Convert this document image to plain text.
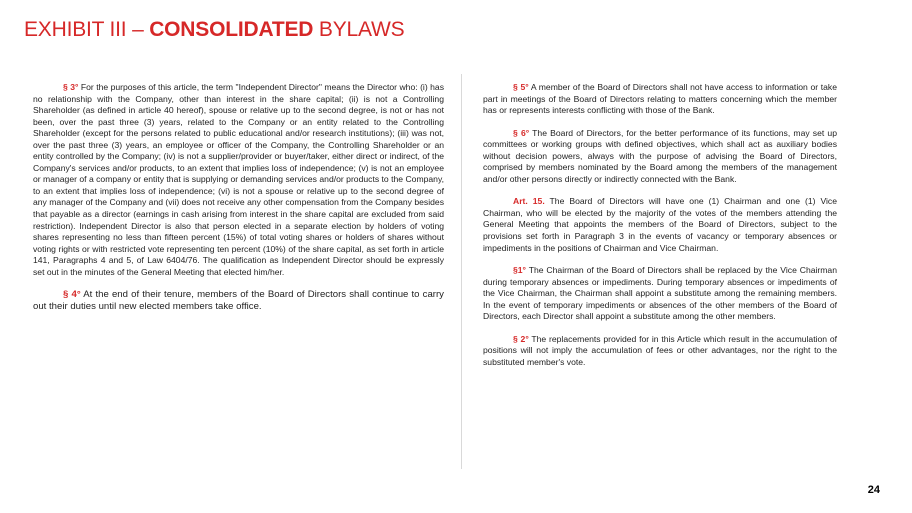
EXHIBIT III – CONSOLIDATED BYLAWS

§ 3° For the purposes of this article, the term "Independent Director" means the Director who: (i) has no relationship with the Company, other than interest in the share capital; (ii) is not a Controlling Shareholder (as defined in article 40 hereof), spouse or relative up to the second degree, is not or has not been, over the past three (3) years, related to the Company or an entity related to the Controlling Shareholder (except for the persons related to public educational and/or research institutions); (iii) was not, over the past three (3) years, an employee or officer of the Company, the Controlling Shareholder or an entity controlled by the Company; (iv) is not a supplier/provider or buyer/taker, either direct or indirect, of the Company's services and/or products, to an extent that implies loss of independence; (v) is not an employee or manager of a company or entity that is supplying or demanding services and/or products to the Company, to an extent that implies loss of independence; (vi) is not a spouse or relative up to the second degree of any manager of the Company and (vii) does not receive any other compensation from the Company besides that payable as a director (earnings in cash arising from interest in the share capital are excluded from said restriction). Independent Director is also that person elected in a separate election by holders of voting shares representing no less than fifteen percent (15%) of total voting shares or holders of shares without voting rights or with restricted vote representing ten percent (10%) of the share capital, as set forth in article 141, Paragraphs 4 and 5, of Law 6404/76. The qualification as Independent Director should be expressly set out in the minutes of the General Meeting that elected him/her.

§ 4° At the end of their tenure, members of the Board of Directors shall continue to carry out their duties until new elected members take office.

§ 5° A member of the Board of Directors shall not have access to information or take part in meetings of the Board of Directors relating to matters concerning which the member has or represents interests conflicting with those of the Bank.

§ 6° The Board of Directors, for the better performance of its functions, may set up committees or working groups with defined objectives, which shall act as auxiliary bodies without decision powers, always with the purpose of advising the Board of Directors, comprised by members nominated by the Board among the members of the management and/or other persons directly or indirectly connected with the Bank.

Art. 15. The Board of Directors will have one (1) Chairman and one (1) Vice Chairman, who will be elected by the majority of the votes of the members attending the General Meeting that appoints the members of the Board of Directors, subject to the provisions set forth in Paragraph 3 in the events of vacancy or temporary absences or impediments in the positions of Chairman and Vice Chairman.

§1° The Chairman of the Board of Directors shall be replaced by the Vice Chairman during temporary absences or impediments. During temporary absences or impediments of the Vice Chairman, the Chairman shall appoint a substitute among the remaining members. In the event of temporary impediments or absences of the other members of the Board of Directors, each Director shall appoint a substitute among the other members.

§ 2° The replacements provided for in this Article which result in the accumulation of positions will not imply the accumulation of fees or other advantages, nor the right to the substituted member's vote.

24
